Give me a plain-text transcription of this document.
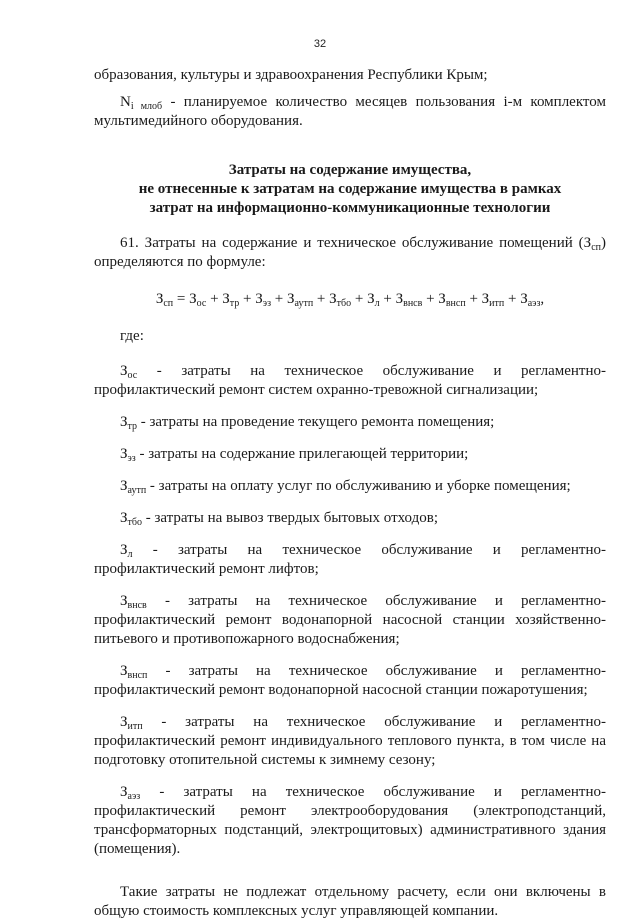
32

образования, культуры и здравоохранения Республики Крым;

$N_{i млоб}$ - планируемое количество месяцев пользования i-м комплектом мультимедийного оборудования.

Затраты на содержание имущества,
не отнесенные к затратам на содержание имущества в рамках
затрат на информационно-коммуникационные технологии

61. Затраты на содержание и техническое обслуживание помещений $(З_{сп})$ определяются по формуле:

$З_{сп} = З_{ос} + З_{тр} + З_{эз} + З_{аутп} + З_{тбо} + З_л + З_{внсв} + З_{внсп} + З_{итп} + З_{аэз}$,

где:

$З_{ос}$ - затраты на техническое обслуживание и регламентно-профилактический ремонт систем охранно-тревожной сигнализации;

$З_{тр}$ - затраты на проведение текущего ремонта помещения;

$З_{эз}$ - затраты на содержание прилегающей территории;

$З_{аутп}$ - затраты на оплату услуг по обслуживанию и уборке помещения;

$З_{тбо}$ - затраты на вывоз твердых бытовых отходов;

$З_л$ - затраты на техническое обслуживание и регламентно-профилактический ремонт лифтов;

$З_{внсв}$ - затраты на техническое обслуживание и регламентно-профилактический ремонт водонапорной насосной станции хозяйственно-питьевого и противопожарного водоснабжения;

$З_{внсп}$ - затраты на техническое обслуживание и регламентно-профилактический ремонт водонапорной насосной станции пожаротушения;

$З_{итп}$ - затраты на техническое обслуживание и регламентно-профилактический ремонт индивидуального теплового пункта, в том числе на подготовку отопительной системы к зимнему сезону;

$З_{аэз}$ - затраты на техническое обслуживание и регламентно-профилактический ремонт электрооборудования (электроподстанций, трансформаторных подстанций, электрощитовых) административного здания (помещения).

Такие затраты не подлежат отдельному расчету, если они включены в общую стоимость комплексных услуг управляющей компании.
